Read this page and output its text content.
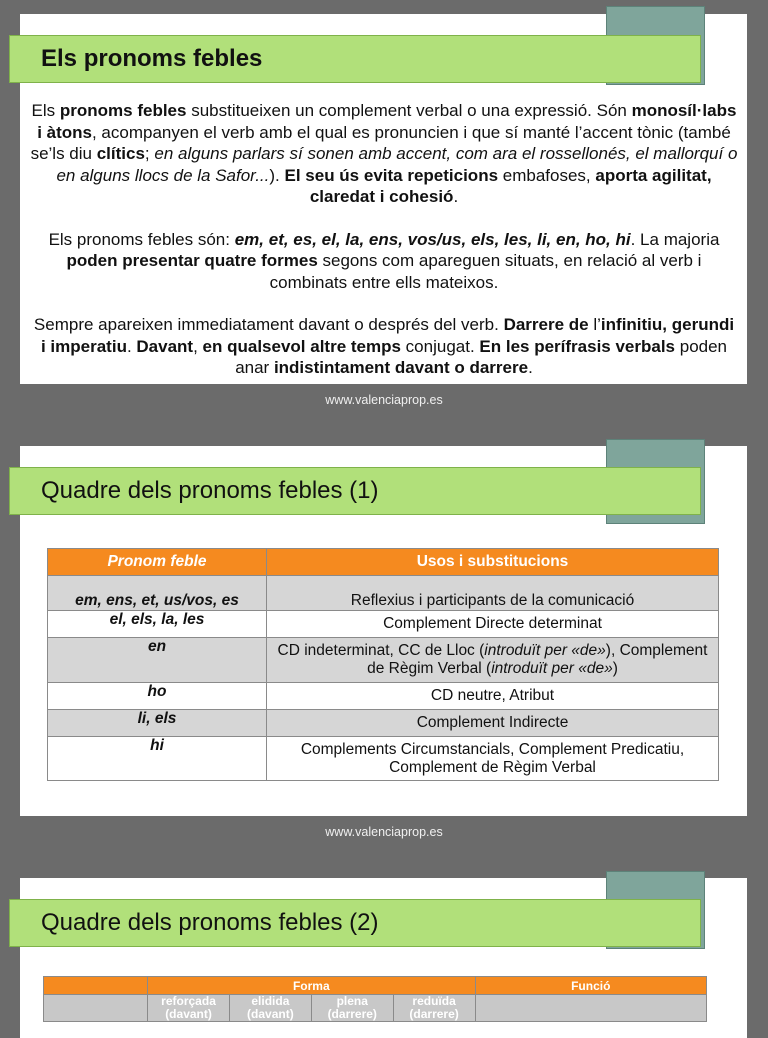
Els pronoms febles

Els pronoms febles substitueixen un complement verbal o una expressió. Són monosíl·labs i àtons, acompanyen el verb amb el qual es pronuncien i que sí manté l’accent tònic (també se’ls diu clítics; en alguns parlars sí sonen amb accent, com ara el rossellonés, el mallorquí o en alguns llocs de la Safor...). El seu ús evita repeticions embafoses, aporta agilitat, claredat i cohesió.

Els pronoms febles són: em, et, es, el, la, ens, vos/us, els, les, li, en, ho, hi. La majoria poden presentar quatre formes segons com apareguen situats, en relació al verb i combinats entre ells mateixos.

Sempre apareixen immediatament davant o després del verb. Darrere de l’infinitiu, gerundi i imperatiu. Davant, en qualsevol altre temps conjugat. En les perífrasis verbals poden anar indistintament davant o darrere.

www.valenciaprop.es
Quadre dels pronoms febles (1)
Pronom feble	Usos i substitucions
em, ens, et, us/vos, es	Reflexius i participants de la comunicació
el, els, la, les	Complement Directe determinat
en	CD indeterminat, CC de Lloc (introduït per «de»), Complement de Règim Verbal (introduït per «de»)
ho	CD neutre, Atribut
li, els	Complement Indirecte
hi	Complements Circumstancials, Complement Predicatiu, Complement de Règim Verbal
www.valenciaprop.es
Quadre dels pronoms febles (2)
	Forma				Funció
	reforçada (davant)	elidida (davant)	plena (darrere)	reduïda (darrere)	
